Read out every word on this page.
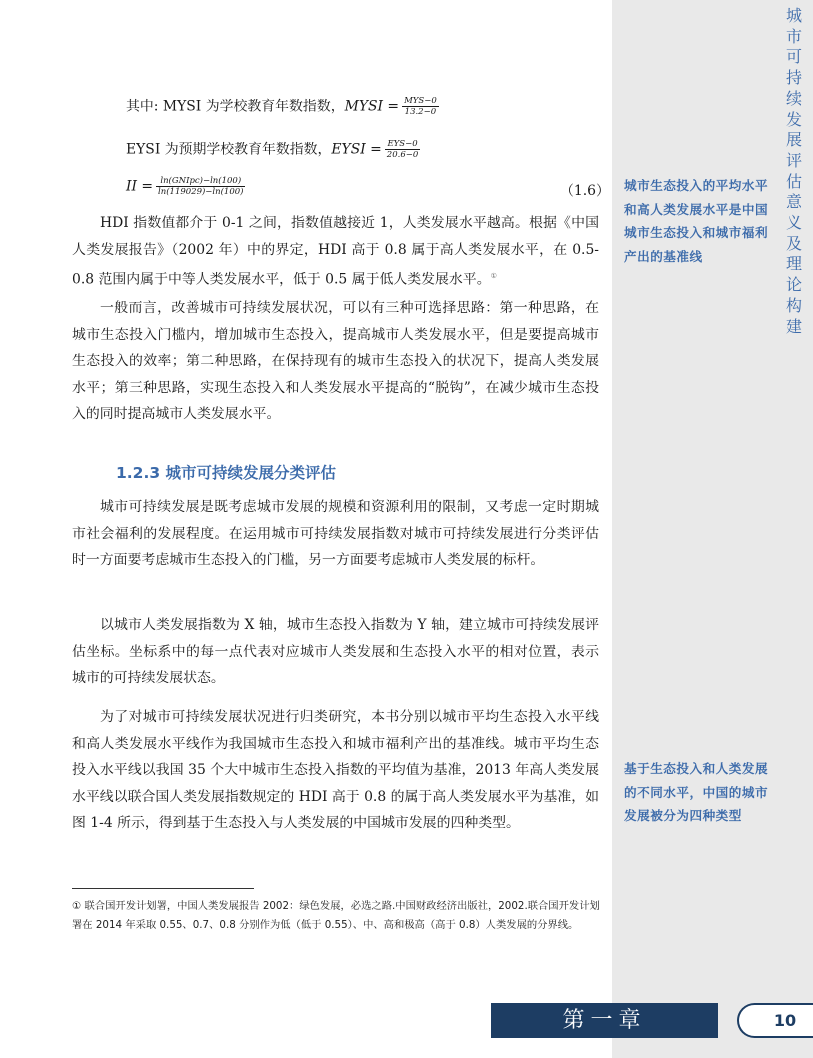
城市可持续发展评估意义及理论构建
城市生态投入的平均水平和高人类发展水平是中国城市生态投入和城市福利产出的基准线
基于生态投入和人类发展的不同水平，中国的城市发展被分为四种类型
其中: MYSI 为学校教育年数指数，MYSI = $\frac{\text{MYS−0}}{13.2-0}$
EYSI 为预期学校教育年数指数，EYSI = $\frac{\text{EYS−0}}{20.6-0}$
II = $\frac{\text{ln(GNIpc)−ln(100)}}{\ln(119029)-\ln(100)}$	（1.6）
HDI 指数值都介于 0-1 之间，指数值越接近 1，人类发展水平越高。根据《中国人类发展报告》（2002 年）中的界定，HDI 高于 0.8 属于高人类发展水平，在 0.5-0.8 范围内属于中等人类发展水平，低于 0.5 属于低人类发展水平。①
一般而言，改善城市可持续发展状况，可以有三种可选择思路：第一种思路，在城市生态投入门槛内，增加城市生态投入，提高城市人类发展水平，但是要提高城市生态投入的效率；第二种思路，在保持现有的城市生态投入的状况下，提高人类发展水平；第三种思路，实现生态投入和人类发展水平提高的“脱钩”，在减少城市生态投入的同时提高城市人类发展水平。
1.2.3 城市可持续发展分类评估
城市可持续发展是既考虑城市发展的规模和资源利用的限制，又考虑一定时期城市社会福利的发展程度。在运用城市可持续发展指数对城市可持续发展进行分类评估时一方面要考虑城市生态投入的门槛，另一方面要考虑城市人类发展的标杆。
以城市人类发展指数为 X 轴，城市生态投入指数为 Y 轴，建立城市可持续发展评估坐标。坐标系中的每一点代表对应城市人类发展和生态投入水平的相对位置，表示城市的可持续发展状态。
为了对城市可持续发展状况进行归类研究，本书分别以城市平均生态投入水平线和高人类发展水平线作为我国城市生态投入和城市福利产出的基准线。城市平均生态投入水平线以我国 35 个大中城市生态投入指数的平均值为基准，2013 年高人类发展水平线以联合国人类发展指数规定的 HDI 高于 0.8 的属于高人类发展水平为基准，如图 1-4 所示，得到基于生态投入与人类发展的中国城市发展的四种类型。
① 联合国开发计划署，中国人类发展报告 2002：绿色发展，必选之路.中国财政经济出版社，2002.联合国开发计划署在 2014 年采取 0.55、0.7、0.8 分别作为低（低于 0.55）、中、高和极高（高于 0.8）人类发展的分界线。
第一章	10
